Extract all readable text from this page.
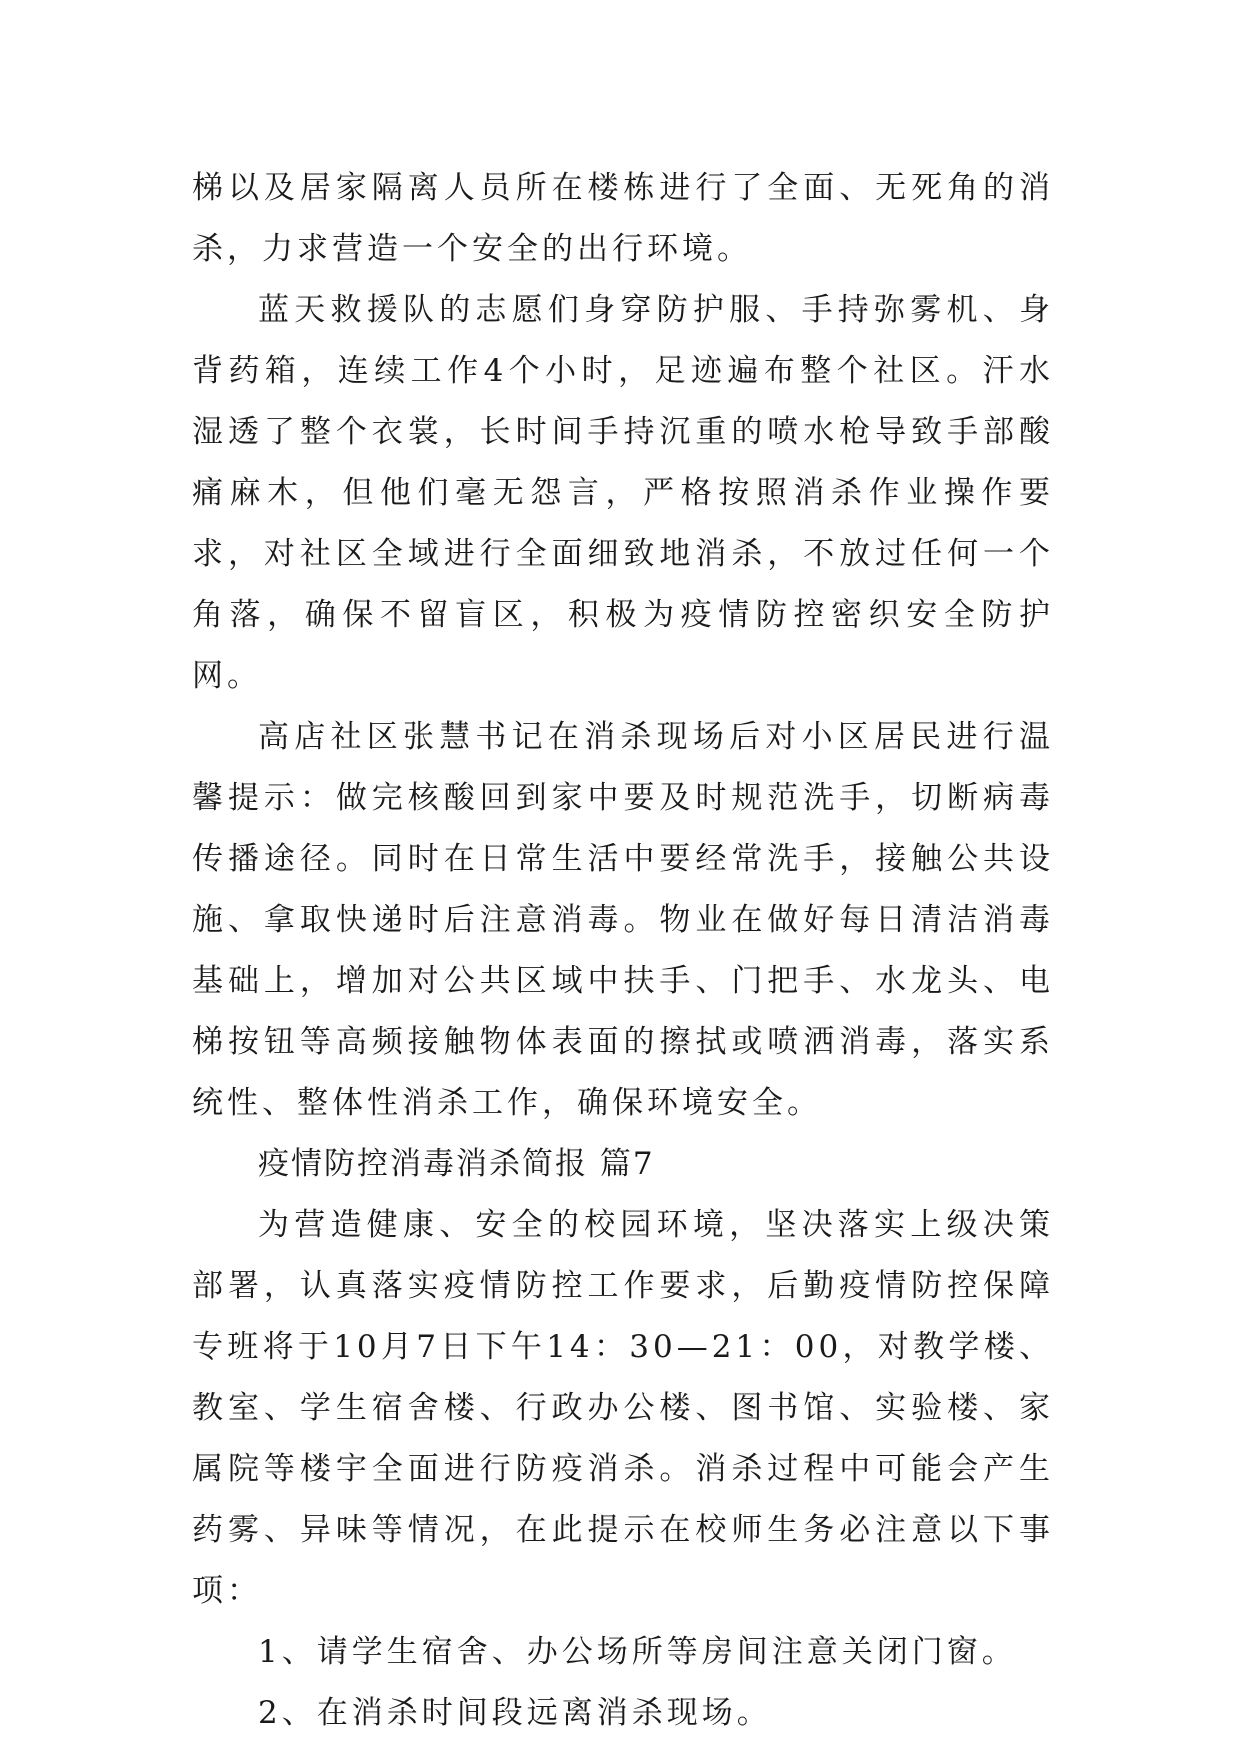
梯以及居家隔离人员所在楼栋进行了全面、无死角的消杀，力求营造一个安全的出行环境。

蓝天救援队的志愿们身穿防护服、手持弥雾机、身背药箱，连续工作4个小时，足迹遍布整个社区。汗水湿透了整个衣裳，长时间手持沉重的喷水枪导致手部酸痛麻木，但他们毫无怨言，严格按照消杀作业操作要求，对社区全域进行全面细致地消杀，不放过任何一个角落，确保不留盲区，积极为疫情防控密织安全防护网。

高店社区张慧书记在消杀现场后对小区居民进行温馨提示：做完核酸回到家中要及时规范洗手，切断病毒传播途径。同时在日常生活中要经常洗手，接触公共设施、拿取快递时后注意消毒。物业在做好每日清洁消毒基础上，增加对公共区域中扶手、门把手、水龙头、电梯按钮等高频接触物体表面的擦拭或喷洒消毒，落实系统性、整体性消杀工作，确保环境安全。

疫情防控消毒消杀简报 篇7

为营造健康、安全的校园环境，坚决落实上级决策部署，认真落实疫情防控工作要求，后勤疫情防控保障专班将于10月7日下午14：30—21：00，对教学楼、教室、学生宿舍楼、行政办公楼、图书馆、实验楼、家属院等楼宇全面进行防疫消杀。消杀过程中可能会产生药雾、异味等情况，在此提示在校师生务必注意以下事项：

1、请学生宿舍、办公场所等房间注意关闭门窗。

2、在消杀时间段远离消杀现场。
